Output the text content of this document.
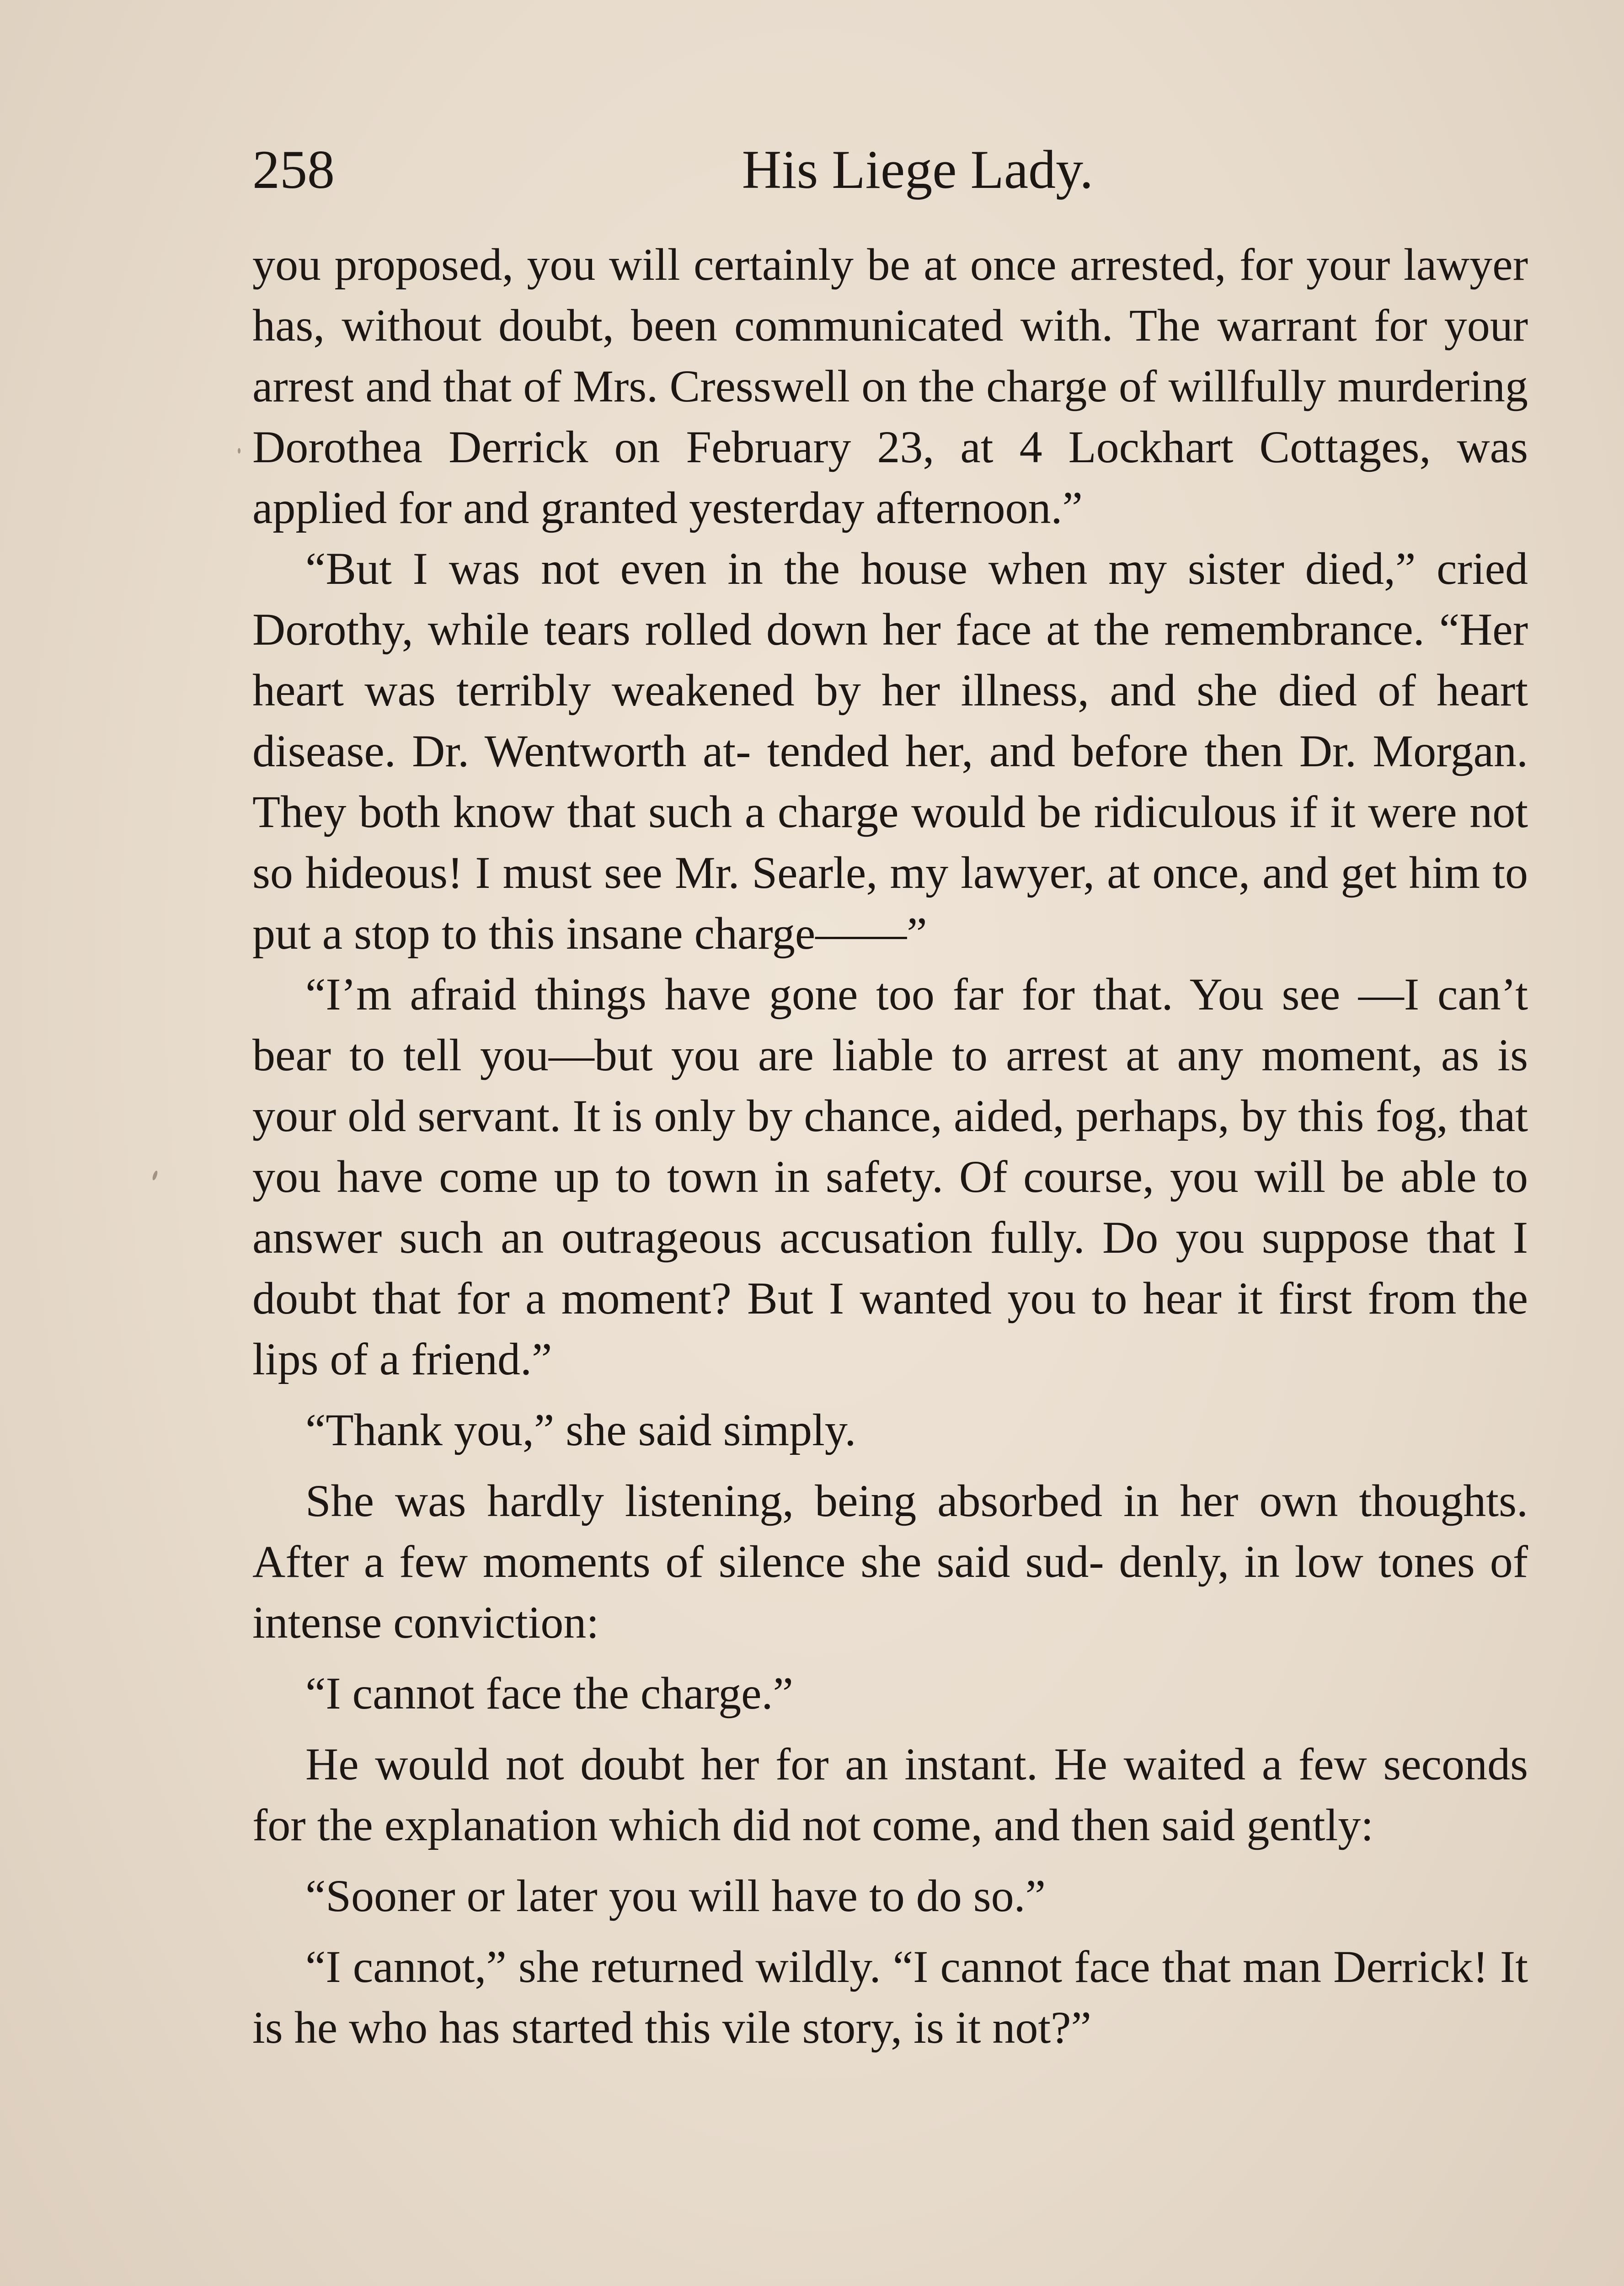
258	His Liege Lady.

you proposed, you will certainly be at once arrested, for your lawyer has, without doubt, been communicated with. The warrant for your arrest and that of Mrs. Cresswell on the charge of willfully murdering Dorothea Derrick on February 23, at 4 Lockhart Cottages, was applied for and granted yesterday afternoon.”

“But I was not even in the house when my sister died,” cried Dorothy, while tears rolled down her face at the remembrance. “Her heart was terribly weakened by her illness, and she died of heart disease. Dr. Wentworth at- tended her, and before then Dr. Morgan. They both know that such a charge would be ridiculous if it were not so hideous! I must see Mr. Searle, my lawyer, at once, and get him to put a stop to this insane charge——”

“I’m afraid things have gone too far for that. You see —I can’t bear to tell you—but you are liable to arrest at any moment, as is your old servant. It is only by chance, aided, perhaps, by this fog, that you have come up to town in safety. Of course, you will be able to answer such an outrageous accusation fully. Do you suppose that I doubt that for a moment? But I wanted you to hear it first from the lips of a friend.”

“Thank you,” she said simply.

She was hardly listening, being absorbed in her own thoughts. After a few moments of silence she said sud- denly, in low tones of intense conviction:

“I cannot face the charge.”

He would not doubt her for an instant. He waited a few seconds for the explanation which did not come, and then said gently:

“Sooner or later you will have to do so.”

“I cannot,” she returned wildly. “I cannot face that man Derrick! It is he who has started this vile story, is it not?”
